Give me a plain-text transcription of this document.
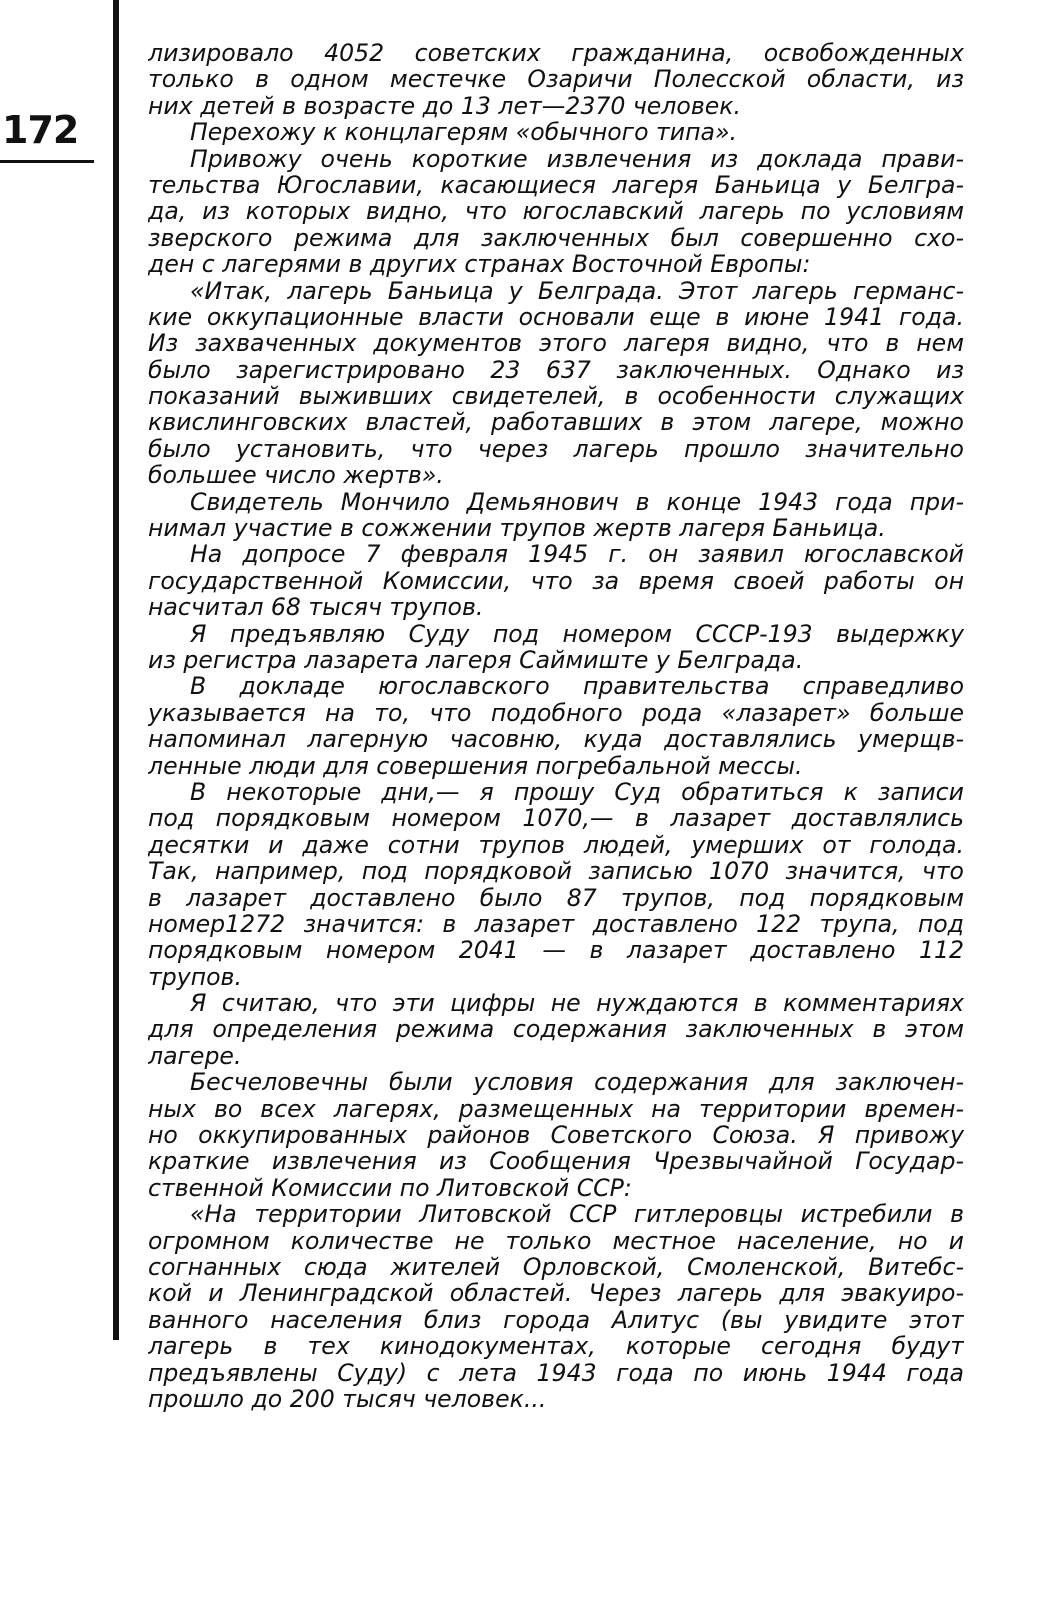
172
лизировало 4052 советских гражданина, освобожденных
только в одном местечке Озаричи Полесской области, из
них детей в возрасте до 13 лет—2370 человек.
Перехожу к концлагерям «обычного типа».
Привожу очень короткие извлечения из доклада прави-
тельства Югославии, касающиеся лагеря Баньица у Белгра-
да, из которых видно, что югославский лагерь по условиям
зверского режима для заключенных был совершенно схо-
ден с лагерями в других странах Восточной Европы:
«Итак, лагерь Баньица у Белграда. Этот лагерь германс-
кие оккупационные власти основали еще в июне 1941 года.
Из захваченных документов этого лагеря видно, что в нем
было зарегистрировано 23 637 заключенных. Однако из
показаний выживших свидетелей, в особенности служащих
квислинговских властей, работавших в этом лагере, можно
было установить, что через лагерь прошло значительно
большее число жертв».
Свидетель Мончило Демьянович в конце 1943 года при-
нимал участие в сожжении трупов жертв лагеря Баньица.
На допросе 7 февраля 1945 г. он заявил югославской
государственной Комиссии, что за время своей работы он
насчитал 68 тысяч трупов.
Я предъявляю Суду под номером СССР-193 выдержку
из регистра лазарета лагеря Саймиште у Белграда.
В докладе югославского правительства справедливо
указывается на то, что подобного рода «лазарет» больше
напоминал лагерную часовню, куда доставлялись умерщв-
ленные люди для совершения погребальной мессы.
В некоторые дни,— я прошу Суд обратиться к записи
под порядковым номером 1070,— в лазарет доставлялись
десятки и даже сотни трупов людей, умерших от голода.
Так, например, под порядковой записью 1070 значится, что
в лазарет доставлено было 87 трупов, под порядковым
номер1272 значится: в лазарет доставлено 122 трупа, под
порядковым номером 2041 — в лазарет доставлено 112
трупов.
Я считаю, что эти цифры не нуждаются в комментариях
для определения режима содержания заключенных в этом
лагере.
Бесчеловечны были условия содержания для заключен-
ных во всех лагерях, размещенных на территории времен-
но оккупированных районов Советского Союза. Я привожу
краткие извлечения из Сообщения Чрезвычайной Государ-
ственной Комиссии по Литовской ССР:
«На территории Литовской ССР гитлеровцы истребили в
огромном количестве не только местное население, но и
согнанных сюда жителей Орловской, Смоленской, Витебс-
кой и Ленинградской областей. Через лагерь для эвакуиро-
ванного населения близ города Алитус (вы увидите этот
лагерь в тех кинодокументах, которые сегодня будут
предъявлены Суду) с лета 1943 года по июнь 1944 года
прошло до 200 тысяч человек...
